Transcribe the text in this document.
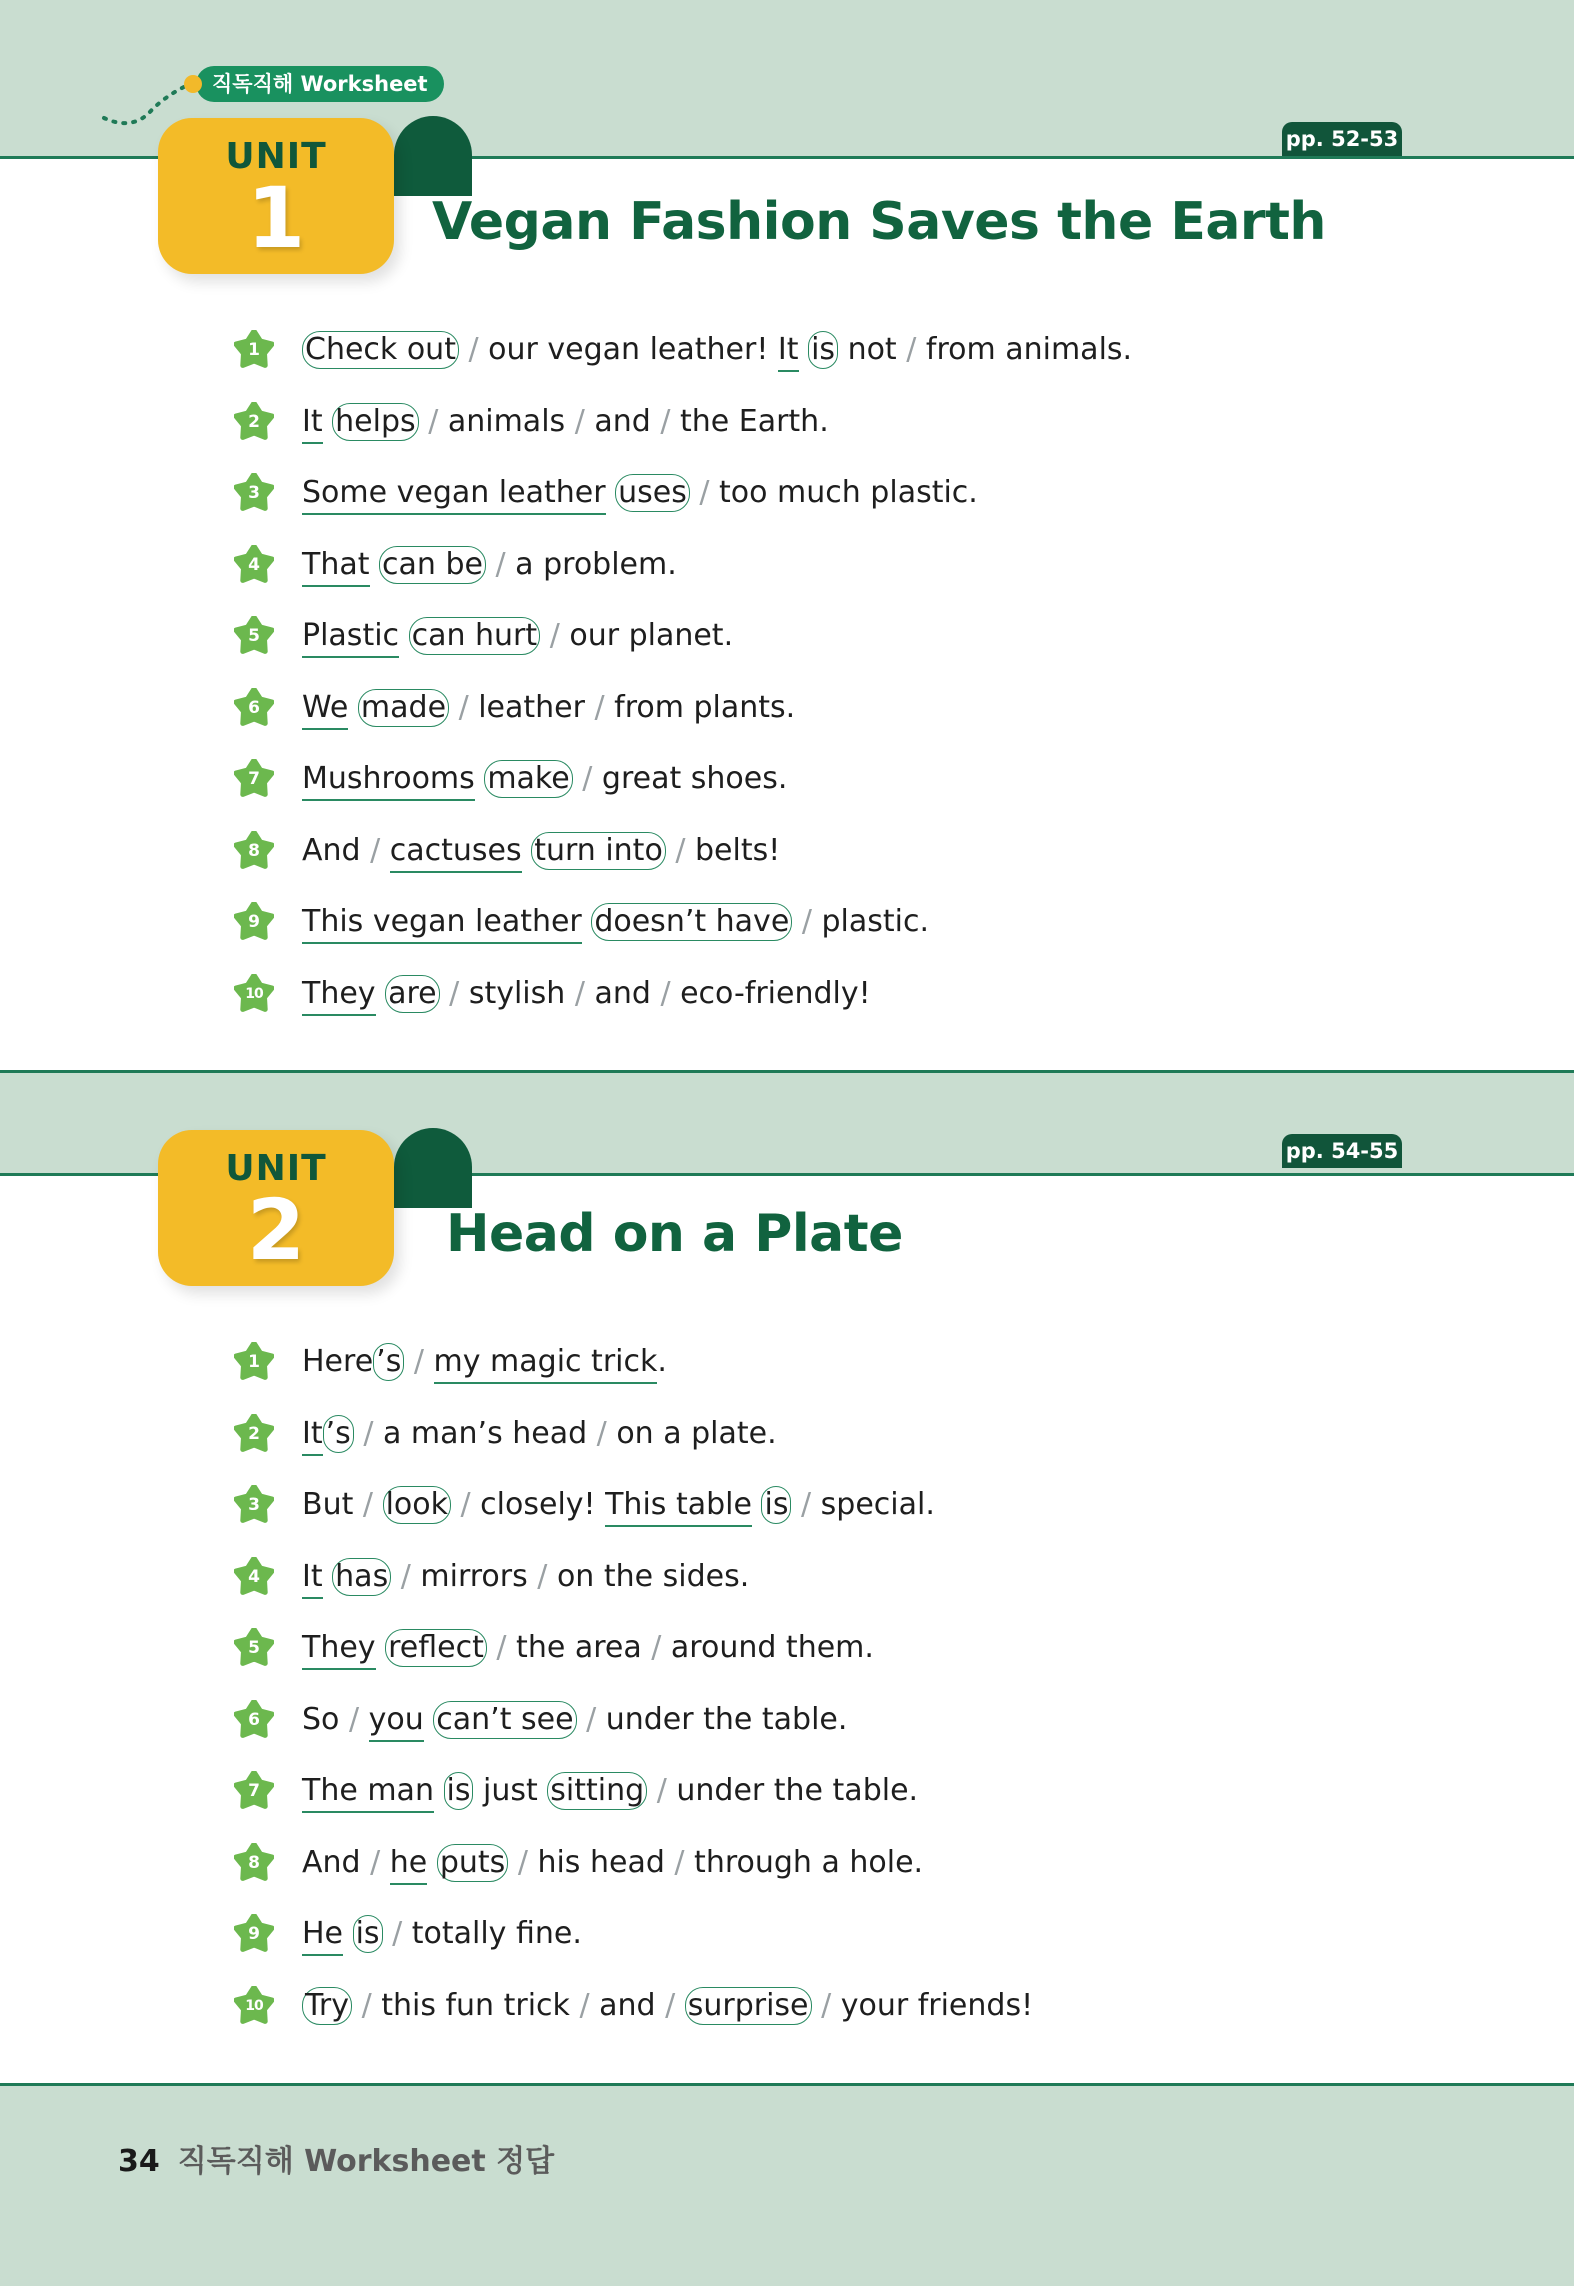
직독직해 Worksheet
UNIT
1
pp. 52-53
Vegan Fashion Saves the Earth
1	Check out / our vegan leather! It is not / from animals.
2	It helps / animals / and / the Earth.
3	Some vegan leather uses / too much plastic.
4	That can be / a problem.
5	Plastic can hurt / our planet.
6	We made / leather / from plants.
7	Mushrooms make / great shoes.
8	And / cactuses turn into / belts!
9	This vegan leather doesn’t have / plastic.
10	They are / stylish / and / eco-friendly!
UNIT
2
pp. 54-55
Head on a Plate
1	Here ’s / my magic trick.
2	It ’s / a man’s head / on a plate.
3	But / look / closely! This table is / special.
4	It has / mirrors / on the sides.
5	They reflect / the area / around them.
6	So / you can’t see / under the table.
7	The man is just sitting / under the table.
8	And / he puts / his head / through a hole.
9	He is / totally fine.
10	Try / this fun trick / and / surprise / your friends!
34 직독직해 Worksheet 정답
